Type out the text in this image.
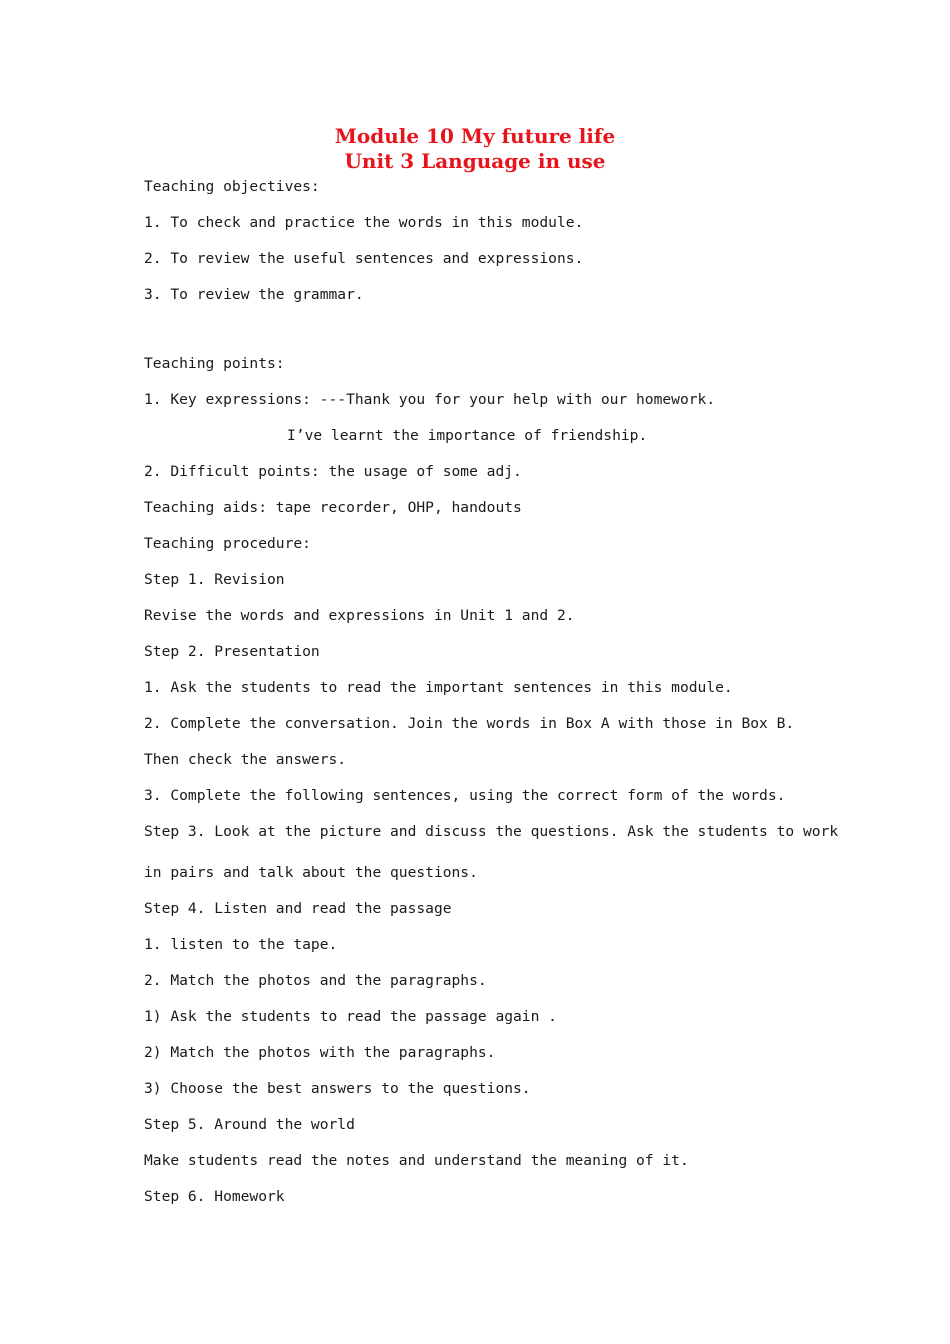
Module 10 My future life
Unit 3 Language in use
Teaching objectives:
1. To check and practice the words in this module.
2. To review the useful sentences and expressions.
3. To review the grammar.
Teaching points:
1. Key expressions: ---Thank you for your help with our homework.
I’ve learnt the importance of friendship.
2. Difficult points: the usage of some adj.
Teaching aids: tape recorder, OHP, handouts
Teaching procedure:
Step 1. Revision
Revise the words and expressions in Unit 1 and 2.
Step 2. Presentation
1. Ask the students to read the important sentences in this module.
2. Complete the conversation. Join the words in Box A with those in Box B.
Then check the answers.
3. Complete the following sentences, using the correct form of the words.
Step 3. Look at the picture and discuss the questions. Ask the students to work
in pairs and talk about the questions.
Step 4. Listen and read the passage
1. listen to the tape.
2. Match the photos and the paragraphs.
1) Ask the students to read the passage again .
2) Match the photos with the paragraphs.
3) Choose the best answers to the questions.
Step 5. Around the world
Make students read the notes and understand the meaning of it.
Step 6. Homework
